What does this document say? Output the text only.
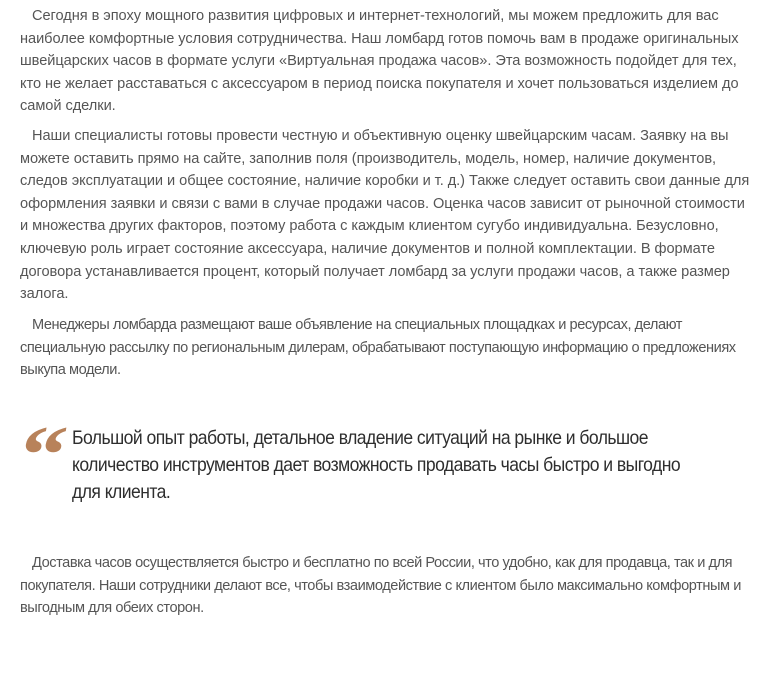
Сегодня в эпоху мощного развития цифровых и интернет-технологий, мы можем предложить для вас наиболее комфортные условия сотрудничества. Наш ломбард готов помочь вам в продаже оригинальных швейцарских часов в формате услуги «Виртуальная продажа часов». Эта возможность подойдет для тех, кто не желает расставаться с аксессуаром в период поиска покупателя и хочет пользоваться изделием до самой сделки.

Наши специалисты готовы провести честную и объективную оценку швейцарским часам. Заявку на вы можете оставить прямо на сайте, заполнив поля (производитель, модель, номер, наличие документов, следов эксплуатации и общее состояние, наличие коробки и т. д.) Также следует оставить свои данные для оформления заявки и связи с вами в случае продажи часов. Оценка часов зависит от рыночной стоимости и множества других факторов, поэтому работа с каждым клиентом сугубо индивидуальна. Безусловно, ключевую роль играет состояние аксессуара, наличие документов и полной комплектации. В формате договора устанавливается процент, который получает ломбард за услуги продажи часов, а также размер залога.

Менеджеры ломбарда размещают ваше объявление на специальных площадках и ресурсах, делают специальную рассылку по региональным дилерам, обрабатывают поступающую информацию о предложениях выкупа модели.

“ Большой опыт работы, детальное владение ситуаций на рынке и большое количество инструментов дает возможность продавать часы быстро и выгодно для клиента.

Доставка часов осуществляется быстро и бесплатно по всей России, что удобно, как для продавца, так и для покупателя. Наши сотрудники делают все, чтобы взаимодействие с клиентом было максимально комфортным и выгодным для обеих сторон.
